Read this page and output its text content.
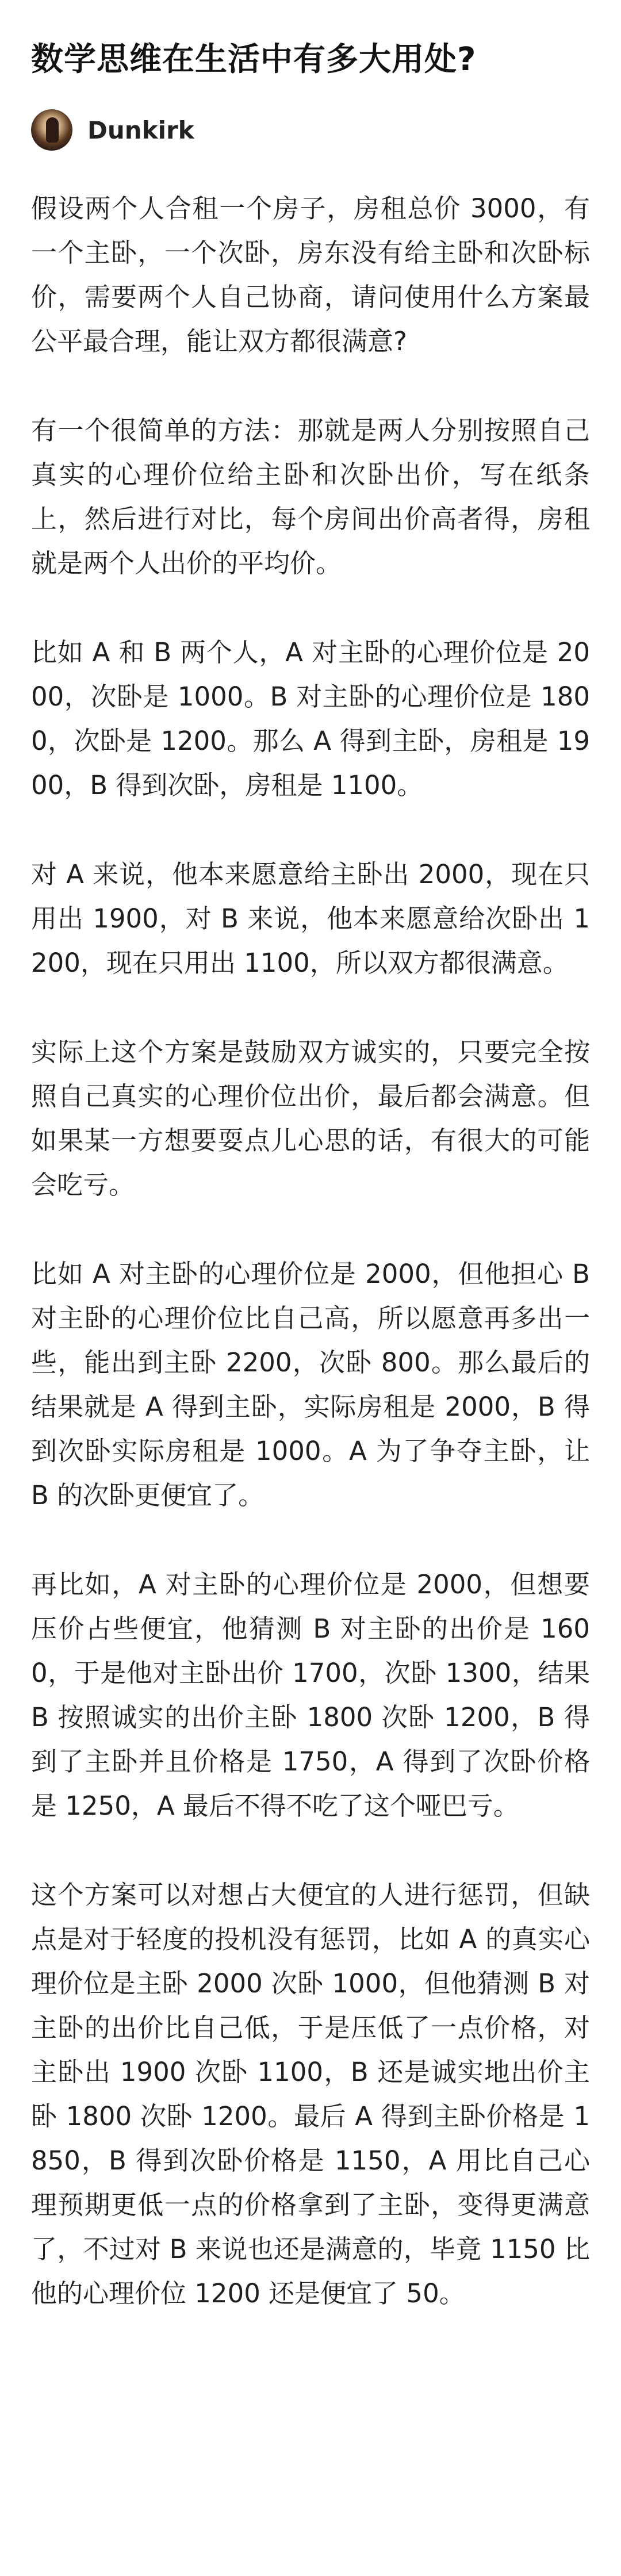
数学思维在生活中有多大用处?
Dunkirk

假设两个人合租一个房子，房租总价 3000，有一个主卧，一个次卧，房东没有给主卧和次卧标价，需要两个人自己协商，请问使用什么方案最公平最合理，能让双方都很满意?

有一个很简单的方法：那就是两人分别按照自己真实的心理价位给主卧和次卧出价，写在纸条上，然后进行对比，每个房间出价高者得，房租就是两个人出价的平均价。

比如 A 和 B 两个人，A 对主卧的心理价位是 2000，次卧是 1000。B 对主卧的心理价位是 1800，次卧是 1200。那么 A 得到主卧，房租是 1900，B 得到次卧，房租是 1100。

对 A 来说，他本来愿意给主卧出 2000，现在只用出 1900，对 B 来说，他本来愿意给次卧出 1200，现在只用出 1100，所以双方都很满意。

实际上这个方案是鼓励双方诚实的，只要完全按照自己真实的心理价位出价，最后都会满意。但如果某一方想要耍点儿心思的话，有很大的可能会吃亏。

比如 A 对主卧的心理价位是 2000，但他担心 B 对主卧的心理价位比自己高，所以愿意再多出一些，能出到主卧 2200，次卧 800。那么最后的结果就是 A 得到主卧，实际房租是 2000，B 得到次卧实际房租是 1000。A 为了争夺主卧，让 B 的次卧更便宜了。

再比如，A 对主卧的心理价位是 2000，但想要压价占些便宜，他猜测 B 对主卧的出价是 1600，于是他对主卧出价 1700，次卧 1300，结果 B 按照诚实的出价主卧 1800 次卧 1200，B 得到了主卧并且价格是 1750，A 得到了次卧价格是 1250，A 最后不得不吃了这个哑巴亏。

这个方案可以对想占大便宜的人进行惩罚，但缺点是对于轻度的投机没有惩罚，比如 A 的真实心理价位是主卧 2000 次卧 1000，但他猜测 B 对主卧的出价比自己低，于是压低了一点价格，对主卧出 1900 次卧 1100，B 还是诚实地出价主卧 1800 次卧 1200。最后 A 得到主卧价格是 1850，B 得到次卧价格是 1150，A 用比自己心理预期更低一点的价格拿到了主卧，变得更满意了，不过对 B 来说也还是满意的，毕竟 1150 比他的心理价位 1200 还是便宜了 50。
